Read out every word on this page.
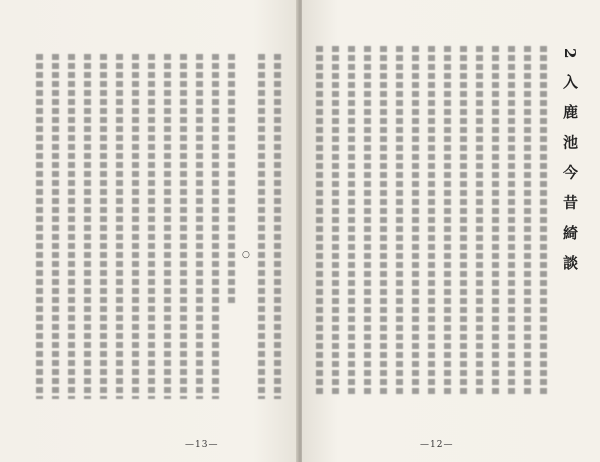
○
—13—
2 入 鹿 池 今 昔 綺 談
—12—
